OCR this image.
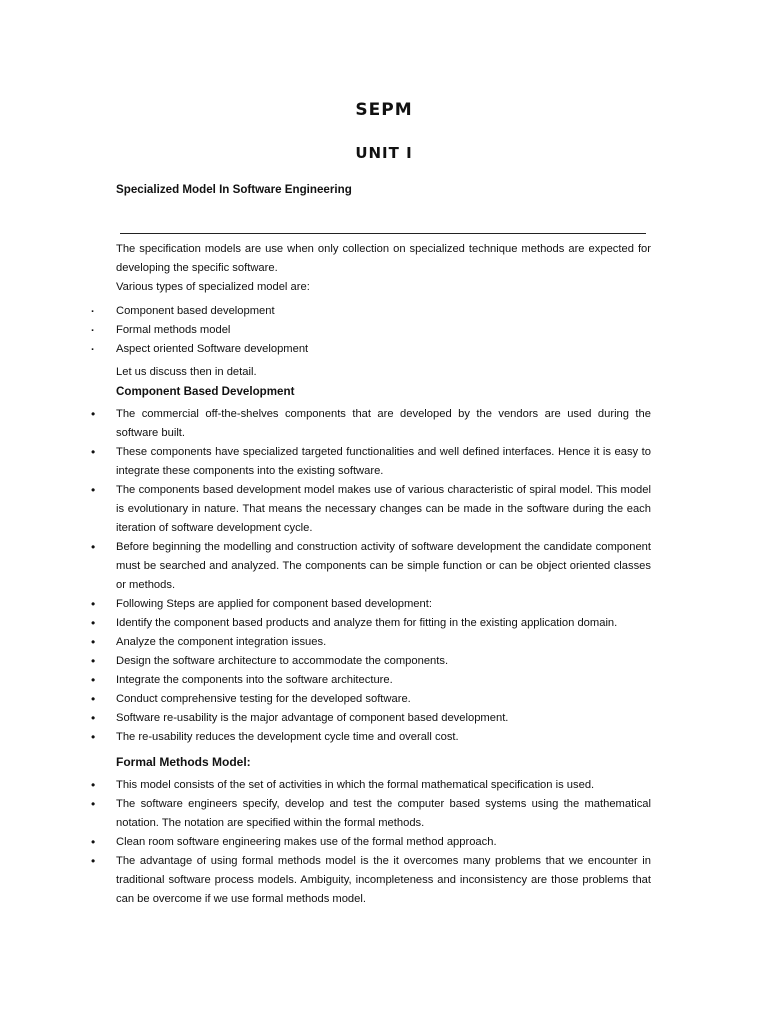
SEPM
UNIT I
Specialized Model In Software Engineering

The specification models are use when only collection on specialized technique methods are expected for developing the specific software.

Various types of specialized model are:

. Component based development
. Formal methods model
. Aspect oriented Software development

Let us discuss then in detail.

Component Based Development
• The commercial off-the-shelves components that are developed by the vendors are used during the software built.
• These components have specialized targeted functionalities and well defined interfaces. Hence it is easy to integrate these components into the existing software.
• The components based development model makes use of various characteristic of spiral model. This model is evolutionary in nature. That means the necessary changes can be made in the software during the each iteration of software development cycle.
• Before beginning the modelling and construction activity of software development the candidate component must be searched and analyzed. The components can be simple function or can be object oriented classes or methods.
• Following Steps are applied for component based development:
• Identify the component based products and analyze them for fitting in the existing application domain.
• Analyze the component integration issues.
• Design the software architecture to accommodate the components.
• Integrate the components into the software architecture.
• Conduct comprehensive testing for the developed software.
• Software re-usability is the major advantage of component based development.
• The re-usability reduces the development cycle time and overall cost.
Formal Methods Model:
• This model consists of the set of activities in which the formal mathematical specification is used.
• The software engineers specify, develop and test the computer based systems using the mathematical notation. The notation are specified within the formal methods.
• Clean room software engineering makes use of the formal method approach.
• The advantage of using formal methods model is the it overcomes many problems that we encounter in traditional software process models. Ambiguity, incompleteness and inconsistency are those problems that can be overcome if we use formal methods model.
